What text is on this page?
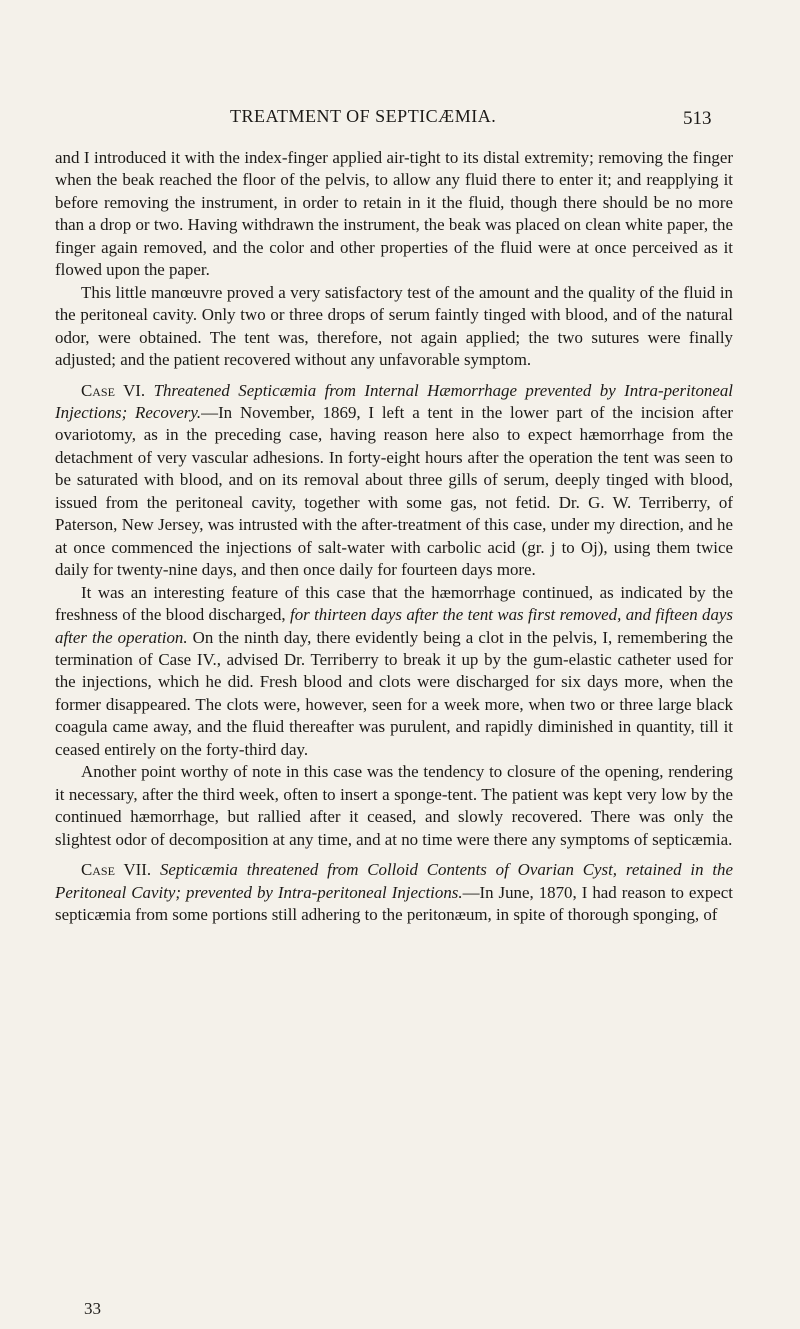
TREATMENT OF SEPTICÆMIA.	513

and I introduced it with the index-finger applied air-tight to its distal extremity; removing the finger when the beak reached the floor of the pelvis, to allow any fluid there to enter it; and reapplying it before removing the instrument, in order to retain in it the fluid, though there should be no more than a drop or two. Having withdrawn the instrument, the beak was placed on clean white paper, the finger again removed, and the color and other properties of the fluid were at once perceived as it flowed upon the paper.

This little manœuvre proved a very satisfactory test of the amount and the quality of the fluid in the peritoneal cavity. Only two or three drops of serum faintly tinged with blood, and of the natural odor, were obtained. The tent was, therefore, not again applied; the two sutures were finally adjusted; and the patient recovered without any unfavorable symptom.

Case VI. Threatened Septicæmia from Internal Hæmorrhage prevented by Intra-peritoneal Injections; Recovery.—In November, 1869, I left a tent in the lower part of the incision after ovariotomy, as in the preceding case, having reason here also to expect hæmorrhage from the detachment of very vascular adhesions. In forty-eight hours after the operation the tent was seen to be saturated with blood, and on its removal about three gills of serum, deeply tinged with blood, issued from the peritoneal cavity, together with some gas, not fetid. Dr. G. W. Terriberry, of Paterson, New Jersey, was intrusted with the after-treatment of this case, under my direction, and he at once commenced the injections of salt-water with carbolic acid (gr. j to Oj), using them twice daily for twenty-nine days, and then once daily for fourteen days more.

It was an interesting feature of this case that the hæmorrhage continued, as indicated by the freshness of the blood discharged, for thirteen days after the tent was first removed, and fifteen days after the operation. On the ninth day, there evidently being a clot in the pelvis, I, remembering the termination of Case IV., advised Dr. Terriberry to break it up by the gum-elastic catheter used for the injections, which he did. Fresh blood and clots were discharged for six days more, when the former disappeared. The clots were, however, seen for a week more, when two or three large black coagula came away, and the fluid thereafter was purulent, and rapidly diminished in quantity, till it ceased entirely on the forty-third day.

Another point worthy of note in this case was the tendency to closure of the opening, rendering it necessary, after the third week, often to insert a sponge-tent. The patient was kept very low by the continued hæmorrhage, but rallied after it ceased, and slowly recovered. There was only the slightest odor of decomposition at any time, and at no time were there any symptoms of septicæmia.

Case VII. Septicæmia threatened from Colloid Contents of Ovarian Cyst, retained in the Peritoneal Cavity; prevented by Intra-peritoneal Injections.—In June, 1870, I had reason to expect septicæmia from some portions still adhering to the peritonæum, in spite of thorough sponging, of

33
